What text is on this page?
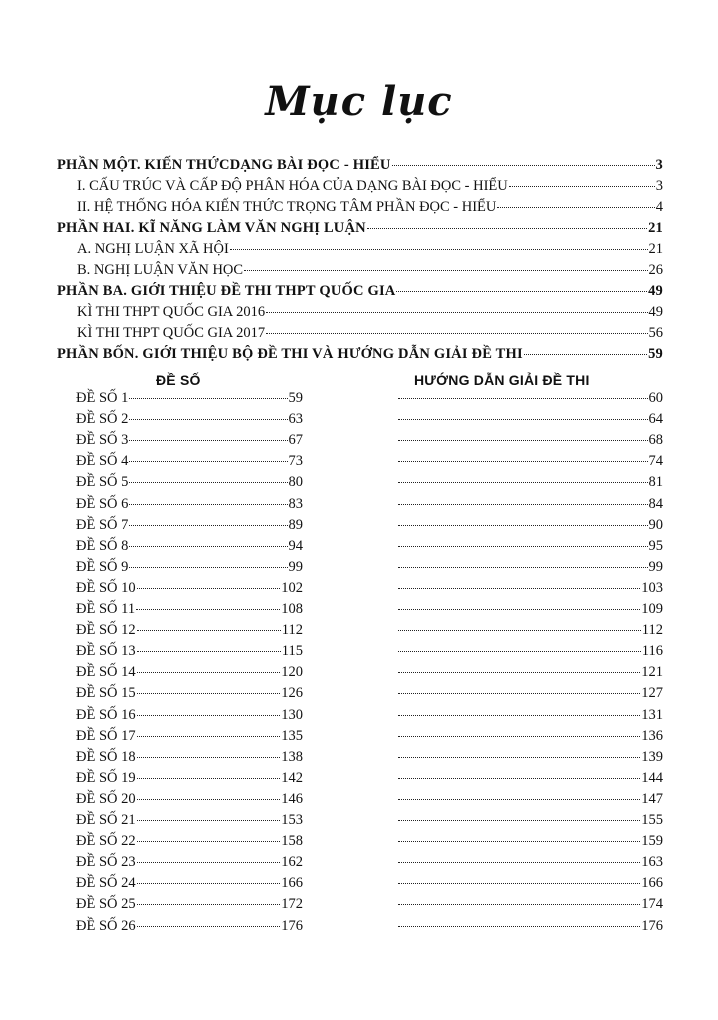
Mục lục
PHẦN MỘT. KIẾN THỨCDẠNG BÀI ĐỌC - HIỂU	3
I. CẤU TRÚC VÀ CẤP ĐỘ PHÂN HÓA CỦA DẠNG BÀI ĐỌC - HIỂU	3
II. HỆ THỐNG HÓA KIẾN THỨC TRỌNG TÂM PHẦN ĐỌC - HIỂU	4
PHẦN HAI. KĨ NĂNG LÀM VĂN NGHỊ LUẬN	21
A. NGHỊ LUẬN XÃ HỘI	21
B. NGHỊ LUẬN VĂN HỌC	26
PHẦN BA. GIỚI THIỆU ĐỀ THI THPT QUỐC GIA	49
KÌ THI THPT QUỐC GIA 2016	49
KÌ THI THPT QUỐC GIA 2017	56
PHẦN BỐN. GIỚI THIỆU BỘ ĐỀ THI VÀ HƯỚNG DẪN GIẢI ĐỀ THI	59
ĐỀ SỐ	HƯỚNG DẪN GIẢI ĐỀ THI
ĐỀ SỐ 1	59	60
ĐỀ SỐ 2	63	64
ĐỀ SỐ 3	67	68
ĐỀ SỐ 4	73	74
ĐỀ SỐ 5	80	81
ĐỀ SỐ 6	83	84
ĐỀ SỐ 7	89	90
ĐỀ SỐ 8	94	95
ĐỀ SỐ 9	99	99
ĐỀ SỐ 10	102	103
ĐỀ SỐ 11	108	109
ĐỀ SỐ 12	112	112
ĐỀ SỐ 13	115	116
ĐỀ SỐ 14	120	121
ĐỀ SỐ 15	126	127
ĐỀ SỐ 16	130	131
ĐỀ SỐ 17	135	136
ĐỀ SỐ 18	138	139
ĐỀ SỐ 19	142	144
ĐỀ SỐ 20	146	147
ĐỀ SỐ 21	153	155
ĐỀ SỐ 22	158	159
ĐỀ SỐ 23	162	163
ĐỀ SỐ 24	166	166
ĐỀ SỐ 25	172	174
ĐỀ SỐ 26	176	176
